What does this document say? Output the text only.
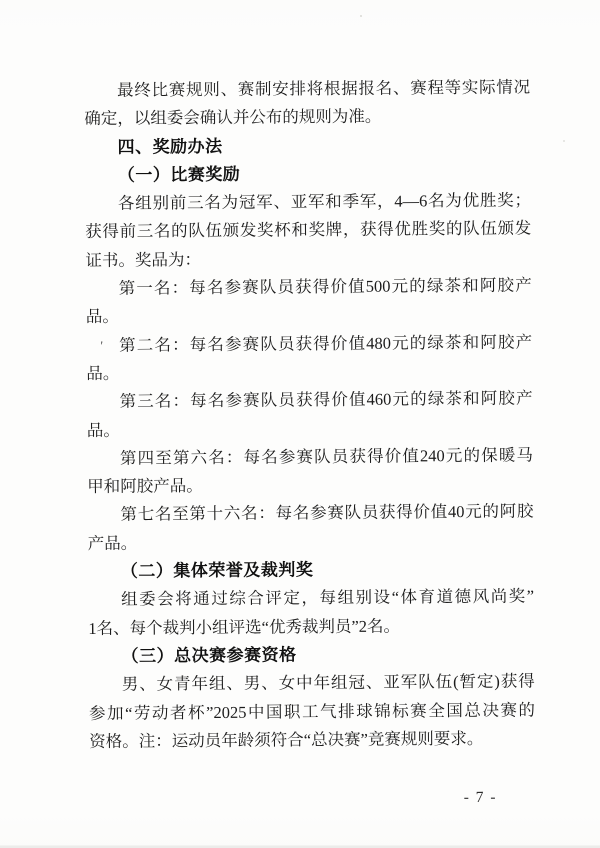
最终比赛规则、赛制安排将根据报名、赛程等实际情况
确定，以组委会确认并公布的规则为准。
四、奖励办法
（一）比赛奖励
各组别前三名为冠军、亚军和季军，4—6名为优胜奖；
获得前三名的队伍颁发奖杯和奖牌，获得优胜奖的队伍颁发
证书。奖品为：
第一名：每名参赛队员获得价值500元的绿茶和阿胶产
品。
第二名：每名参赛队员获得价值480元的绿茶和阿胶产
品。
第三名：每名参赛队员获得价值460元的绿茶和阿胶产
品。
第四至第六名：每名参赛队员获得价值240元的保暖马
甲和阿胶产品。
第七名至第十六名：每名参赛队员获得价值40元的阿胶
产品。
（二）集体荣誉及裁判奖
组委会将通过综合评定，每组别设“体育道德风尚奖”
1名、每个裁判小组评选“优秀裁判员”2名。
（三）总决赛参赛资格
男、女青年组、男、女中年组冠、亚军队伍(暂定)获得
参加“劳动者杯”2025中国职工气排球锦标赛全国总决赛的
资格。注：运动员年龄须符合“总决赛”竞赛规则要求。
- 7 -
'
